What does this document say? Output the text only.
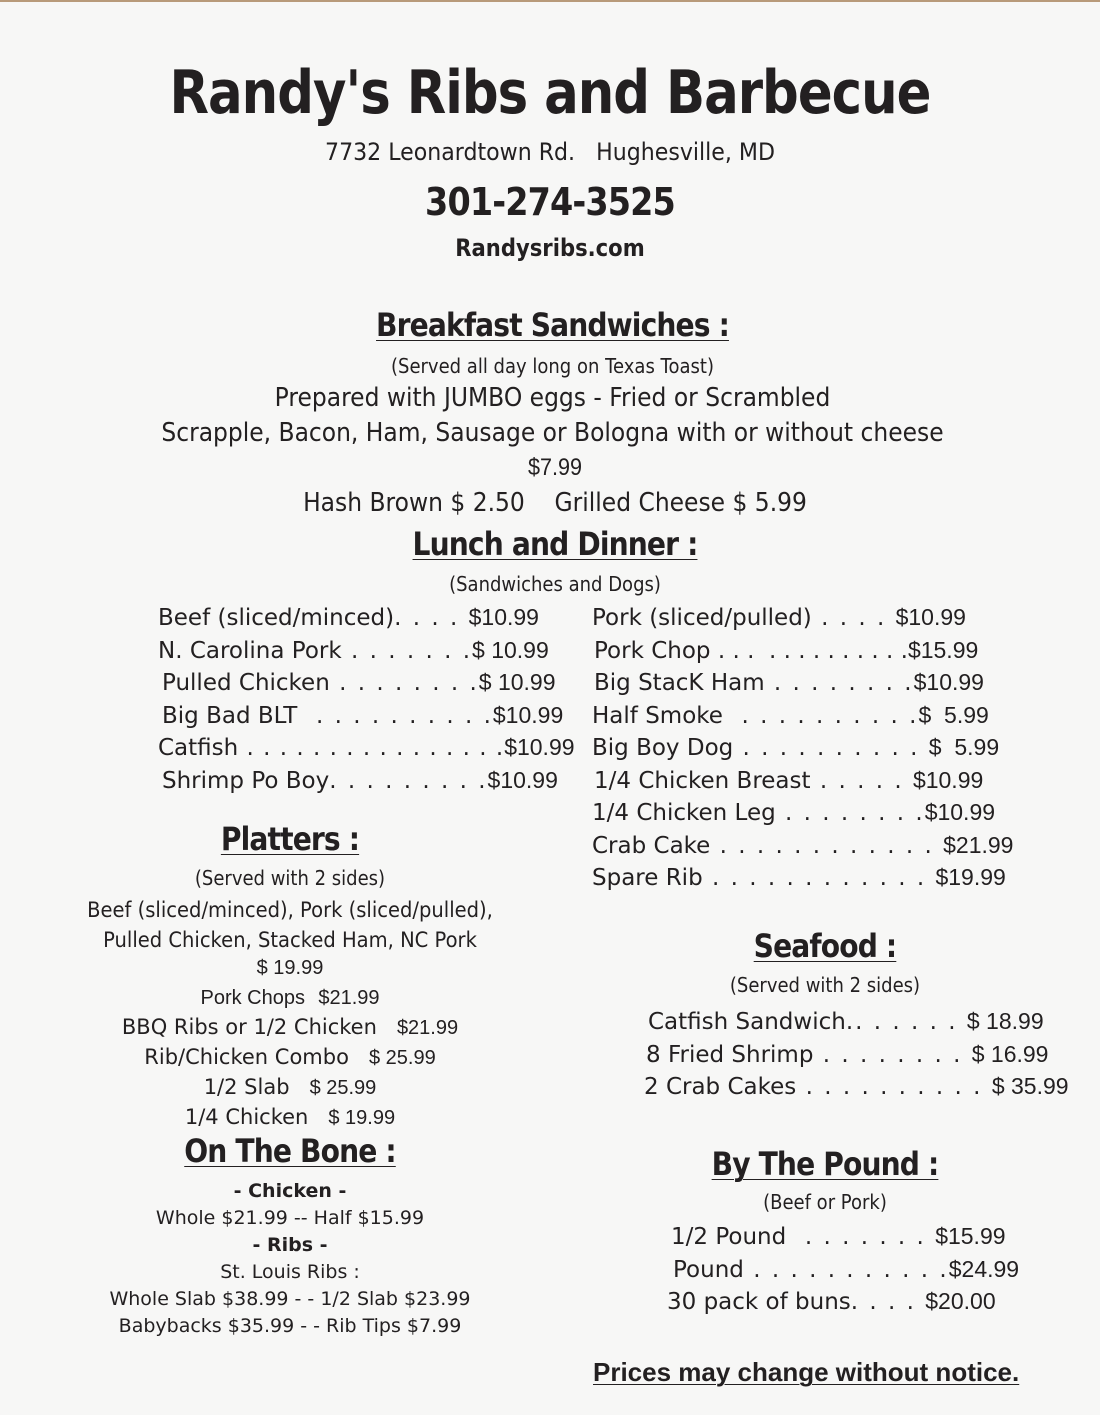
Randy's Ribs and Barbecue
7732 Leonardtown Rd.   Hughesville, MD
301-274-3525
Randysribs.com
Breakfast Sandwiches :
(Served all day long on Texas Toast)
Prepared with JUMBO eggs - Fried or Scrambled
Scrapple, Bacon, Ham, Sausage or Bologna with or without cheese
$7.99
Hash Brown $ 2.50    Grilled Cheese $ 5.99
Lunch and Dinner :
(Sandwiches and Dogs)
Beef (sliced/minced). . . . $10.99
N. Carolina Pork . . . . . . .$ 10.99
Pulled Chicken . . . . . . . .$ 10.99
Big Bad BLT  . . . . . . . . . .$10.99
Catfish . . . . . . . . . . . . . . . .$10.99
Shrimp Po Boy. . . . . . . . .$10.99
Pork (sliced/pulled) . . . . $10.99
Pork Chop . . .  . . . . . . . . . .$15.99
Big StacK Ham . . . . . . . .$10.99
Half Smoke  . . . . . . . . . .$  5.99
Big Boy Dog . . . . . . . . . . $  5.99
1/4 Chicken Breast . . . . . $10.99
1/4 Chicken Leg . . . . . . . .$10.99
Crab Cake . . . . . . . . . . . . $21.99
Spare Rib . . . . . . . . . . . . $19.99
Platters :
(Served with 2 sides)
Beef (sliced/minced), Pork (sliced/pulled),
Pulled Chicken, Stacked Ham, NC Pork
$ 19.99
Pork Chops $21.99
BBQ Ribs or 1/2 Chicken $21.99
Rib/Chicken Combo $ 25.99
1/2 Slab $ 25.99
1/4 Chicken $ 19.99
On The Bone :
- Chicken -
Whole $21.99 -- Half $15.99
- Ribs -
St. Louis Ribs :
Whole Slab $38.99 - - 1/2 Slab $23.99
Babybacks $35.99 - - Rib Tips $7.99
Seafood :
(Served with 2 sides)
Catfish Sandwich.. . . . . . $ 18.99
8 Fried Shrimp . . . . . . . . $ 16.99
2 Crab Cakes . . . . . . . . . . $ 35.99
By The Pound :
(Beef or Pork)
1/2 Pound  . . . . . . . $15.99
Pound . . . . . . . . . . .$24.99
30 pack of buns. . . . $20.00
Prices may change without notice.
